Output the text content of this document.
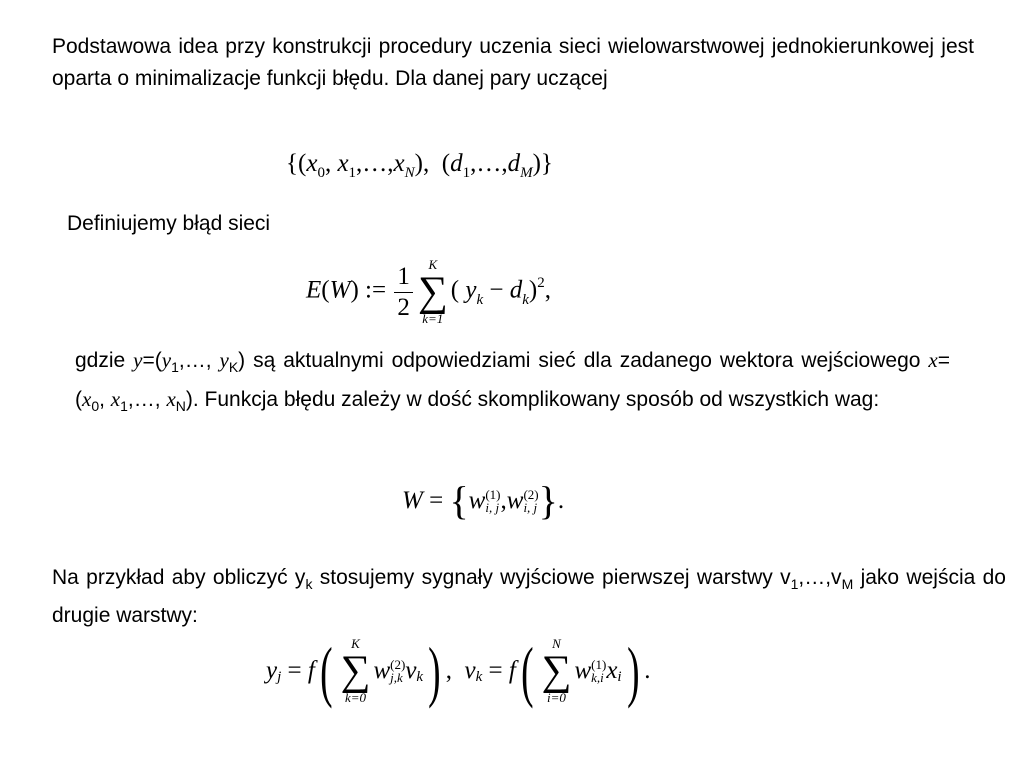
Podstawowa idea przy konstrukcji procedury uczenia sieci wielowarstwowej jednokierunkowej jest oparta o minimalizacje funkcji błędu. Dla danej pary uczącej
{($x_0$, $x_1,\dots,x_N$),  $(d_1,\dots,d_M)$}
Definiujemy błąd sieci
E(W) := $\frac{1}{2}$	K
∑
k=1
( $y_k - d_k)^2$,
gdzie $y=(y_1,\dots$, $y_K$) są aktualnymi odpowiedziami sieć dla zadanego wektora wejściowego $x=(x_0$, $x_1,\dots$, $x_N$). Funkcja błędu zależy w dość skomplikowany sposób od wszystkich wag:
W = {w (1)
i, j ,w (2)
i, j }.
Na przykład aby obliczyć $y_k$ stosujemy sygnały wyjściowe pierwszej warstwy $v_1,\dots,v_M$ jako wejścia do drugie warstwy:
$y_j = f$(	K
∑
k=0
w (2)
j,k $v_k$) , $v_k = f$(	N
∑
i=0
w (1)
k,i $x_i$) .
